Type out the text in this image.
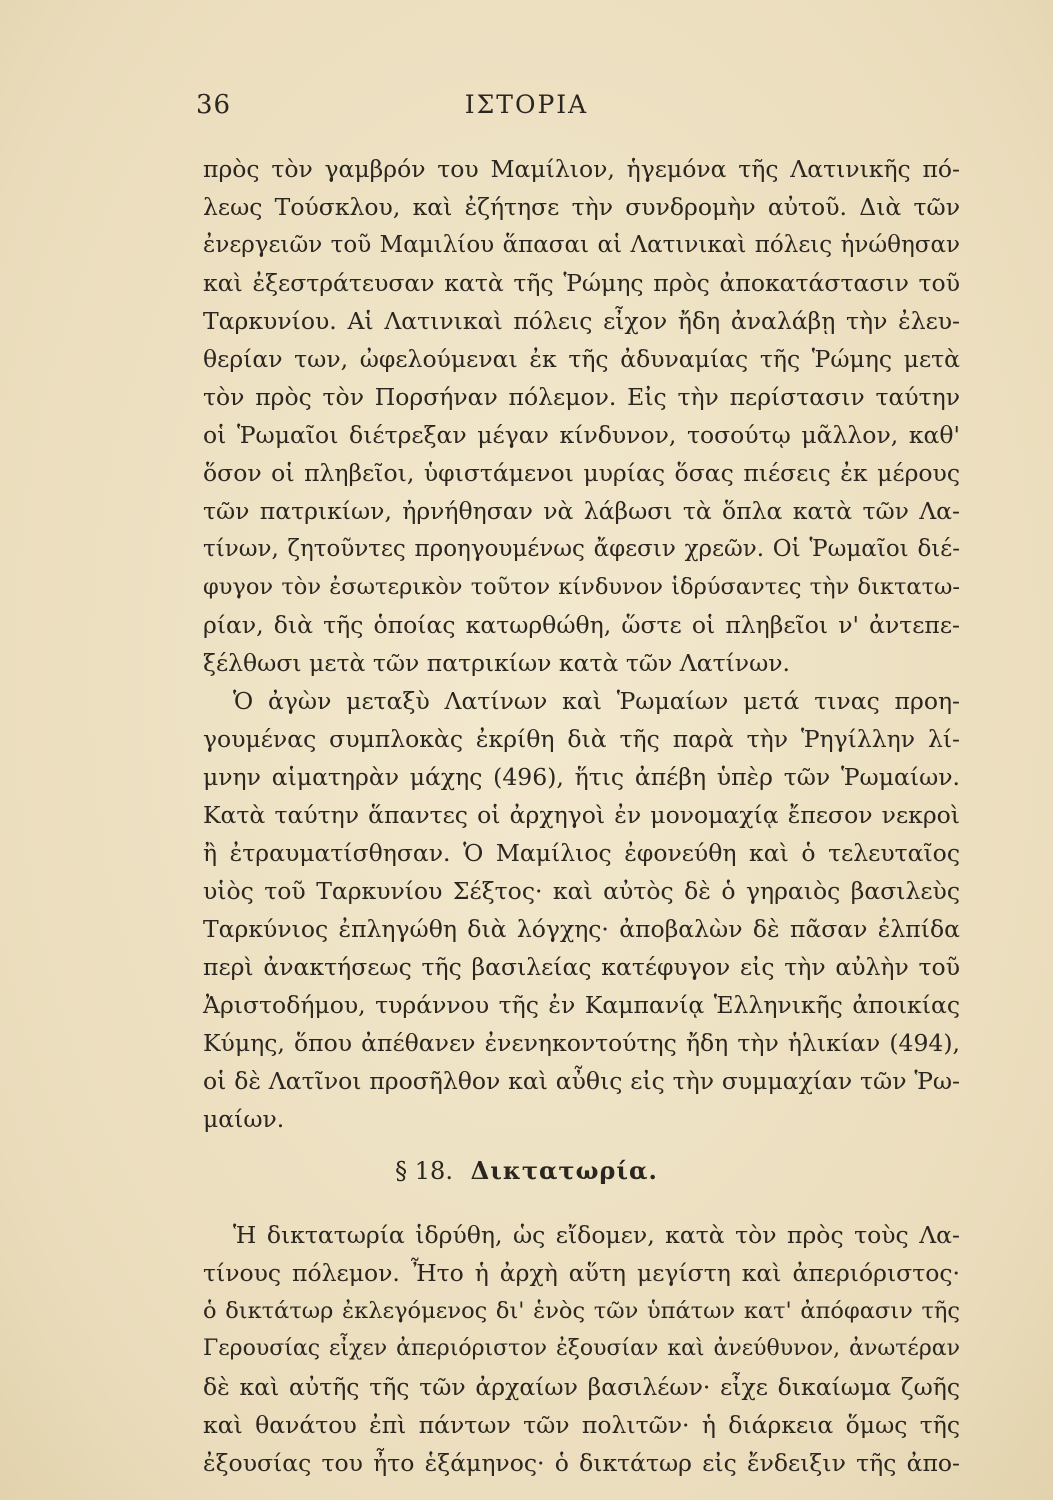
36	ΙΣΤΟΡΙΑ
πρὸς τὸν γαμβρόν του Μαμίλιον, ἡγεμόνα τῆς Λατινικῆς πό-
λεως Τούσκλου, καὶ ἐζήτησε τὴν συνδρομὴν αὐτοῦ. Διὰ τῶν
ἐνεργειῶν τοῦ Μαμιλίου ἅπασαι αἱ Λατινικαὶ πόλεις ἡνώθησαν
καὶ ἐξεστράτευσαν κατὰ τῆς Ῥώμης πρὸς ἀποκατάστασιν τοῦ
Ταρκυνίου. Αἱ Λατινικαὶ πόλεις εἶχον ἤδη ἀναλάβῃ τὴν ἐλευ-
θερίαν των, ὠφελούμεναι ἐκ τῆς ἀδυναμίας τῆς Ῥώμης μετὰ
τὸν πρὸς τὸν Πορσήναν πόλεμον. Εἰς τὴν περίστασιν ταύτην
οἱ Ῥωμαῖοι διέτρεξαν μέγαν κίνδυνον, τοσούτῳ μᾶλλον, καθ'
ὅσον οἱ πληβεῖοι, ὑφιστάμενοι μυρίας ὅσας πιέσεις ἐκ μέρους
τῶν πατρικίων, ἠρνήθησαν νὰ λάβωσι τὰ ὅπλα κατὰ τῶν Λα-
τίνων, ζητοῦντες προηγουμένως ἄφεσιν χρεῶν. Οἱ Ῥωμαῖοι διέ-
φυγον τὸν ἐσωτερικὸν τοῦτον κίνδυνον ἱδρύσαντες τὴν δικτατω-
ρίαν, διὰ τῆς ὁποίας κατωρθώθη, ὥστε οἱ πληβεῖοι ν' ἀντεπε-
ξέλθωσι μετὰ τῶν πατρικίων κατὰ τῶν Λατίνων.
Ὁ ἀγὼν μεταξὺ Λατίνων καὶ Ῥωμαίων μετά τινας προη-
γουμένας συμπλοκὰς ἐκρίθη διὰ τῆς παρὰ τὴν Ῥηγίλλην λί-
μνην αἱματηρὰν μάχης (496), ἥτις ἀπέβη ὑπὲρ τῶν Ῥωμαίων.
Κατὰ ταύτην ἅπαντες οἱ ἀρχηγοὶ ἐν μονομαχίᾳ ἔπεσον νεκροὶ
ἢ ἐτραυματίσθησαν. Ὁ Μαμίλιος ἐφονεύθη καὶ ὁ τελευταῖος
υἱὸς τοῦ Ταρκυνίου Σέξτος· καὶ αὐτὸς δὲ ὁ γηραιὸς βασιλεὺς
Ταρκύνιος ἐπληγώθη διὰ λόγχης· ἀποβαλὼν δὲ πᾶσαν ἐλπίδα
περὶ ἀνακτήσεως τῆς βασιλείας κατέφυγον εἰς τὴν αὐλὴν τοῦ
Ἀριστοδήμου, τυράννου τῆς ἐν Καμπανίᾳ Ἑλληνικῆς ἀποικίας
Κύμης, ὅπου ἀπέθανεν ἐνενηκοντούτης ἤδη τὴν ἡλικίαν (494),
οἱ δὲ Λατῖνοι προσῆλθον καὶ αὖθις εἰς τὴν συμμαχίαν τῶν Ῥω-
μαίων.
§ 18. Δικτατωρία.
Ἡ δικτατωρία ἱδρύθη, ὡς εἴδομεν, κατὰ τὸν πρὸς τοὺς Λα-
τίνους πόλεμον. Ἦτο ἡ ἀρχὴ αὕτη μεγίστη καὶ ἀπεριόριστος·
ὁ δικτάτωρ ἐκλεγόμενος δι' ἑνὸς τῶν ὑπάτων κατ' ἀπόφασιν τῆς
Γερουσίας εἶχεν ἀπεριόριστον ἐξουσίαν καὶ ἀνεύθυνον, ἀνωτέραν
δὲ καὶ αὐτῆς τῆς τῶν ἀρχαίων βασιλέων· εἶχε δικαίωμα ζωῆς
καὶ θανάτου ἐπὶ πάντων τῶν πολιτῶν· ἡ διάρκεια ὅμως τῆς
ἐξουσίας του ἦτο ἑξάμηνος· ὁ δικτάτωρ εἰς ἔνδειξιν τῆς ἀπο-
